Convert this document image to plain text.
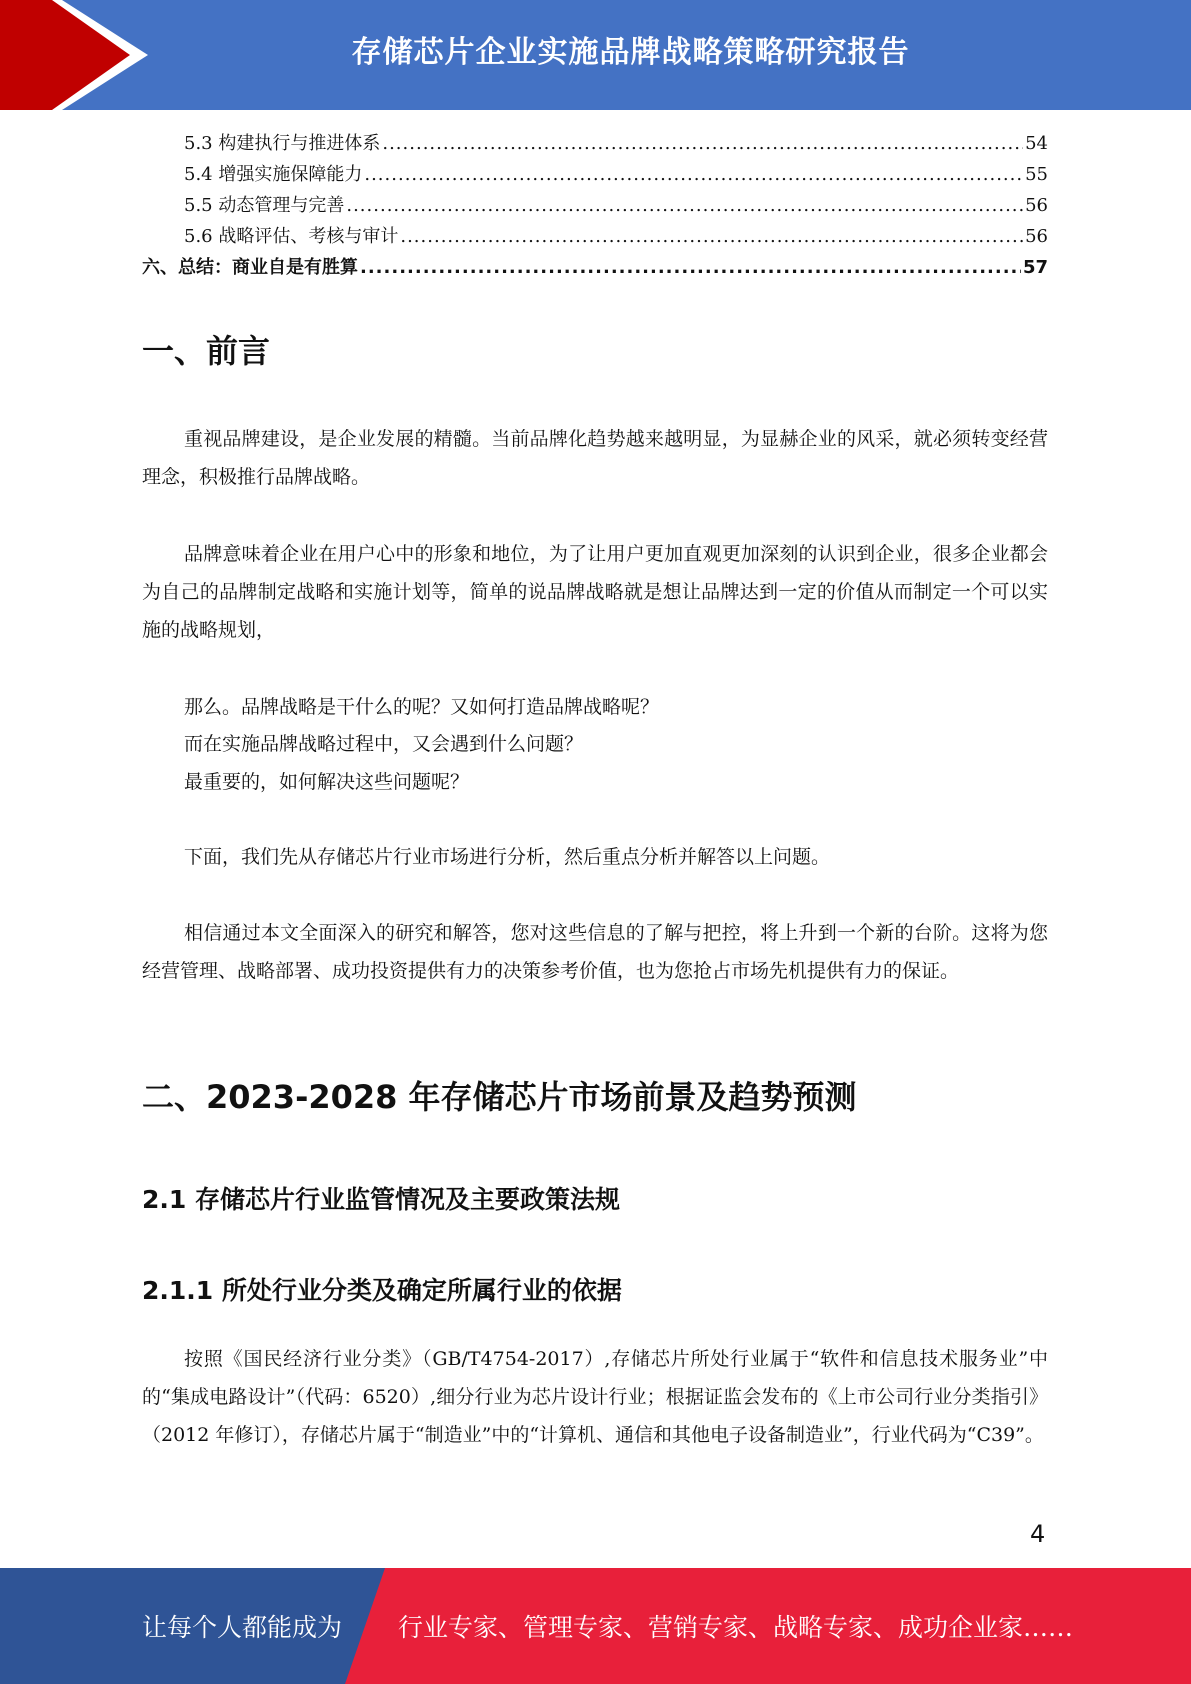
存储芯片企业实施品牌战略策略研究报告
5.3 构建执行与推进体系 .....	54
5.4 增强实施保障能力 .....	55
5.5 动态管理与完善 .....	56
5.6 战略评估、考核与审计 .....	56
六、总结：商业自是有胜算 .....	57
一、前言

重视品牌建设，是企业发展的精髓。当前品牌化趋势越来越明显，为显赫企业的风采，就必须转变经营理念，积极推行品牌战略。

品牌意味着企业在用户心中的形象和地位，为了让用户更加直观更加深刻的认识到企业，很多企业都会为自己的品牌制定战略和实施计划等，简单的说品牌战略就是想让品牌达到一定的价值从而制定一个可以实施的战略规划，

那么。品牌战略是干什么的呢？又如何打造品牌战略呢？
而在实施品牌战略过程中，又会遇到什么问题？
最重要的，如何解决这些问题呢？

下面，我们先从存储芯片行业市场进行分析，然后重点分析并解答以上问题。

相信通过本文全面深入的研究和解答，您对这些信息的了解与把控，将上升到一个新的台阶。这将为您经营管理、战略部署、成功投资提供有力的决策参考价值，也为您抢占市场先机提供有力的保证。

二、2023-2028 年存储芯片市场前景及趋势预测
2.1 存储芯片行业监管情况及主要政策法规
2.1.1 所处行业分类及确定所属行业的依据

按照《国民经济行业分类》（GB/T4754-2017）,存储芯片所处行业属于“软件和信息技术服务业”中的“集成电路设计”（代码：6520）,细分行业为芯片设计行业；根据证监会发布的《上市公司行业分类指引》（2012 年修订），存储芯片属于“制造业”中的“计算机、通信和其他电子设备制造业”，行业代码为“C39”。

4
让每个人都能成为 行业专家、管理专家、营销专家、战略专家、成功企业家……
